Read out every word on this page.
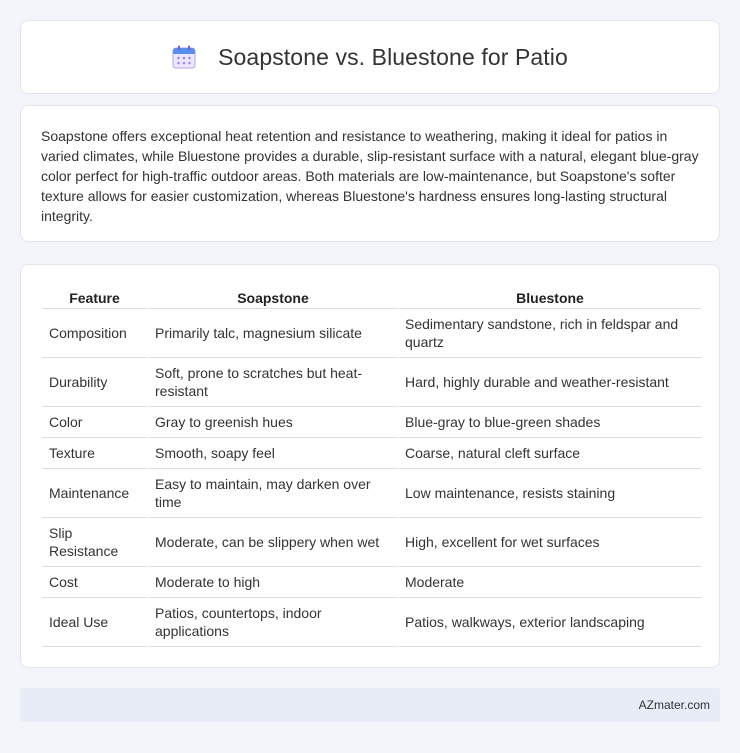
Soapstone vs. Bluestone for Patio

Soapstone offers exceptional heat retention and resistance to weathering, making it ideal for patios in varied climates, while Bluestone provides a durable, slip-resistant surface with a natural, elegant blue-gray color perfect for high-traffic outdoor areas. Both materials are low-maintenance, but Soapstone's softer texture allows for easier customization, whereas Bluestone's hardness ensures long-lasting structural integrity.

Feature	Soapstone	Bluestone
Composition	Primarily talc, magnesium silicate	Sedimentary sandstone, rich in feldspar and quartz
Durability	Soft, prone to scratches but heat-resistant	Hard, highly durable and weather-resistant
Color	Gray to greenish hues	Blue-gray to blue-green shades
Texture	Smooth, soapy feel	Coarse, natural cleft surface
Maintenance	Easy to maintain, may darken over time	Low maintenance, resists staining
Slip Resistance	Moderate, can be slippery when wet	High, excellent for wet surfaces
Cost	Moderate to high	Moderate
Ideal Use	Patios, countertops, indoor applications	Patios, walkways, exterior landscaping
AZmater.com
